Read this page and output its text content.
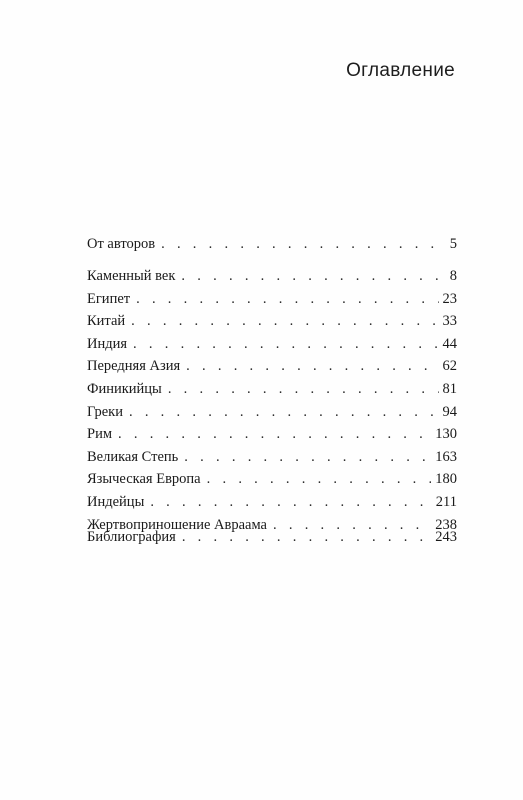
Оглавление
От авторов . . .	5
Каменный век . . .	8
Египет . . .	23
Китай . . .	33
Индия . . .	44
Передняя Азия . . .	62
Финикийцы . . .	81
Греки . . .	94
Рим . . .	130
Великая Степь . . .	163
Языческая Европа . . .	180
Индейцы . . .	211
Жертвоприношение Авраама . . .	238
Библиография . . .	243
